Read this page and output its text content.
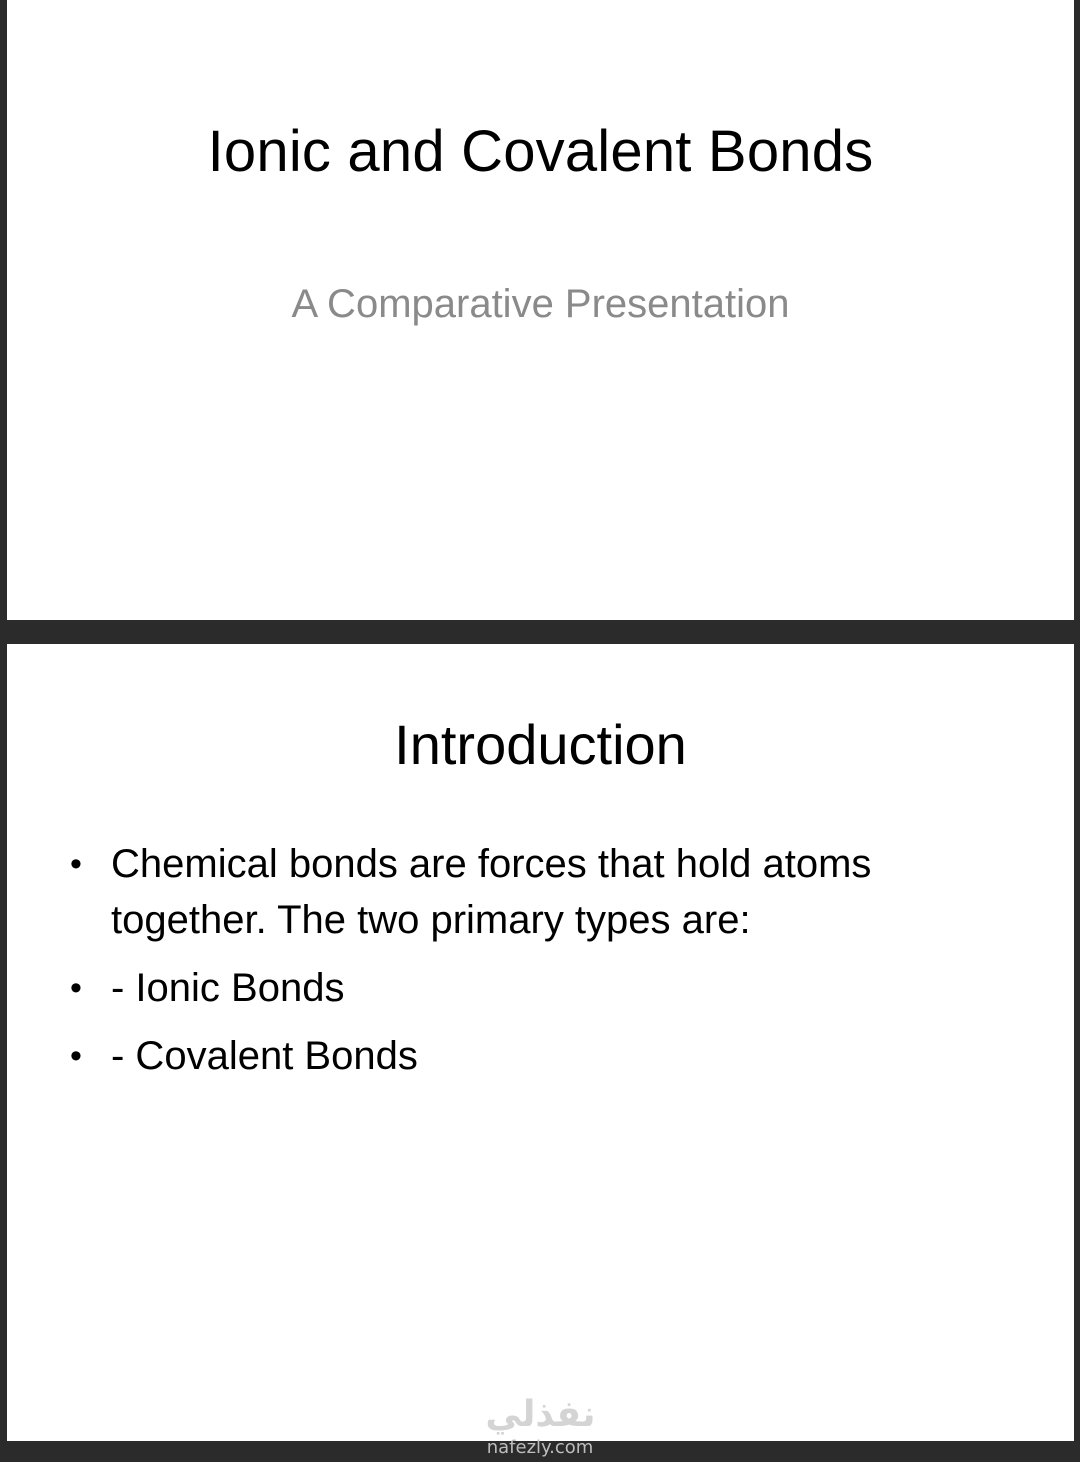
Ionic and Covalent Bonds
A Comparative Presentation
Introduction
• Chemical bonds are forces that hold atoms together. The two primary types are:
• - Ionic Bonds
• - Covalent Bonds
نفذلي
nafezly.com
